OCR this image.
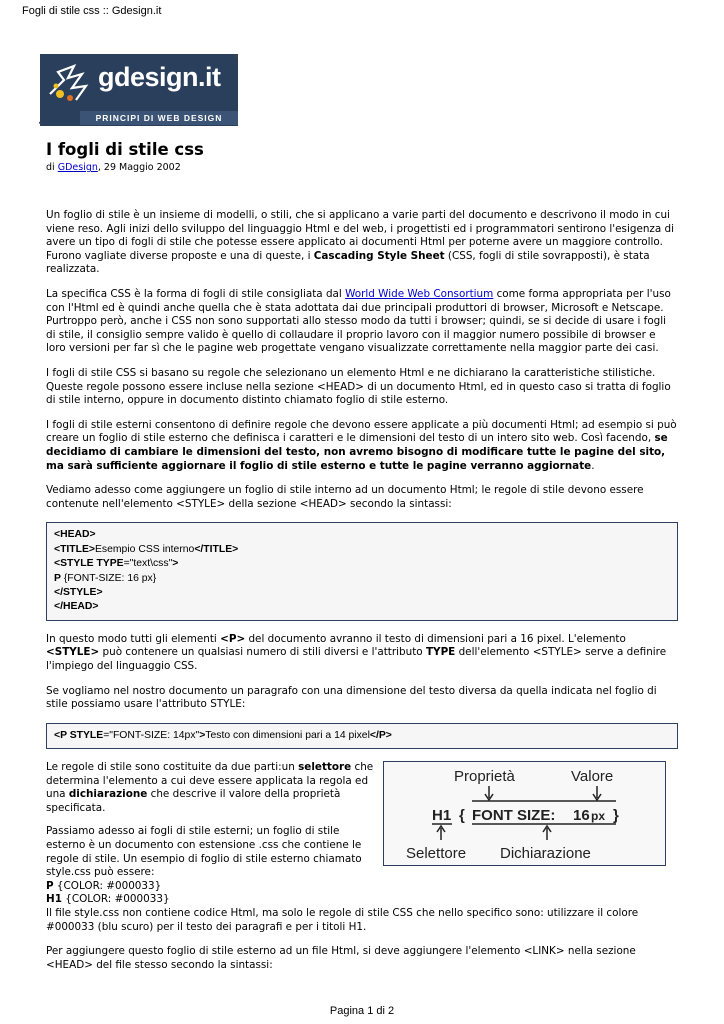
Fogli di stile css :: Gdesign.it
gdesign.it
PRINCIPI DI WEB DESIGN
✕
↖
I fogli di stile css
di GDesign, 29 Maggio 2002

Un foglio di stile è un insieme di modelli, o stili, che si applicano a varie parti del documento e descrivono il modo in cui viene reso. Agli inizi dello sviluppo del linguaggio Html e del web, i progettisti ed i programmatori sentirono l'esigenza di avere un tipo di fogli di stile che potesse essere applicato ai documenti Html per poterne avere un maggiore controllo. Furono vagliate diverse proposte e una di queste, i Cascading Style Sheet (CSS, fogli di stile sovrapposti), è stata realizzata.

La specifica CSS è la forma di fogli di stile consigliata dal World Wide Web Consortium come forma appropriata per l'uso con l'Html ed è quindi anche quella che è stata adottata dai due principali produttori di browser, Microsoft e Netscape. Purtroppo però, anche i CSS non sono supportati allo stesso modo da tutti i browser; quindi, se si decide di usare i fogli di stile, il consiglio sempre valido è quello di collaudare il proprio lavoro con il maggior numero possibile di browser e loro versioni per far sì che le pagine web progettate vengano visualizzate correttamente nella maggior parte dei casi.

I fogli di stile CSS si basano su regole che selezionano un elemento Html e ne dichiarano la caratteristiche stilistiche. Queste regole possono essere incluse nella sezione <HEAD> di un documento Html, ed in questo caso si tratta di foglio di stile interno, oppure in documento distinto chiamato foglio di stile esterno.

I fogli di stile esterni consentono di definire regole che devono essere applicate a più documenti Html; ad esempio si può creare un foglio di stile esterno che definisca i caratteri e le dimensioni del testo di un intero sito web. Così facendo, se decidiamo di cambiare le dimensioni del testo, non avremo bisogno di modificare tutte le pagine del sito, ma sarà sufficiente aggiornare il foglio di stile esterno e tutte le pagine verranno aggiornate.

Vediamo adesso come aggiungere un foglio di stile interno ad un documento Html; le regole di stile devono essere contenute nell'elemento <STYLE> della sezione <HEAD> secondo la sintassi:

<HEAD>
<TITLE>Esempio CSS interno</TITLE>
<STYLE TYPE="text\css">
P {FONT-SIZE: 16 px}
</STYLE>
</HEAD>

In questo modo tutti gli elementi <P> del documento avranno il testo di dimensioni pari a 16 pixel. L'elemento <STYLE> può contenere un qualsiasi numero di stili diversi e l'attributo TYPE dell'elemento <STYLE> serve a definire l'impiego del linguaggio CSS.

Se vogliamo nel nostro documento un paragrafo con una dimensione del testo diversa da quella indicata nel foglio di stile possiamo usare l'attributo STYLE:

<P STYLE="FONT-SIZE: 14px">Testo con dimensioni pari a 14 pixel</P>

Le regole di stile sono costituite da due parti:un selettore che determina l'elemento a cui deve essere applicata la regola ed una dichiarazione che descrive il valore della proprietà specificata.

Passiamo adesso ai fogli di stile esterni; un foglio di stile esterno è un documento con estensione .css che contiene le regole di stile. Un esempio di foglio di stile esterno chiamato style.css può essere:
P {COLOR: #000033}
H1 {COLOR: #000033}

Proprietà	Valore
H1 { FONT SIZE: 16 px }
Selettore Dichiarazione

Il file style.css non contiene codice Html, ma solo le regole di stile CSS che nello specifico sono: utilizzare il colore #000033 (blu scuro) per il testo dei paragrafi e per i titoli H1.

Per aggiungere questo foglio di stile esterno ad un file Html, si deve aggiungere l'elemento <LINK> nella sezione <HEAD> del file stesso secondo la sintassi:

Pagina 1 di 2
